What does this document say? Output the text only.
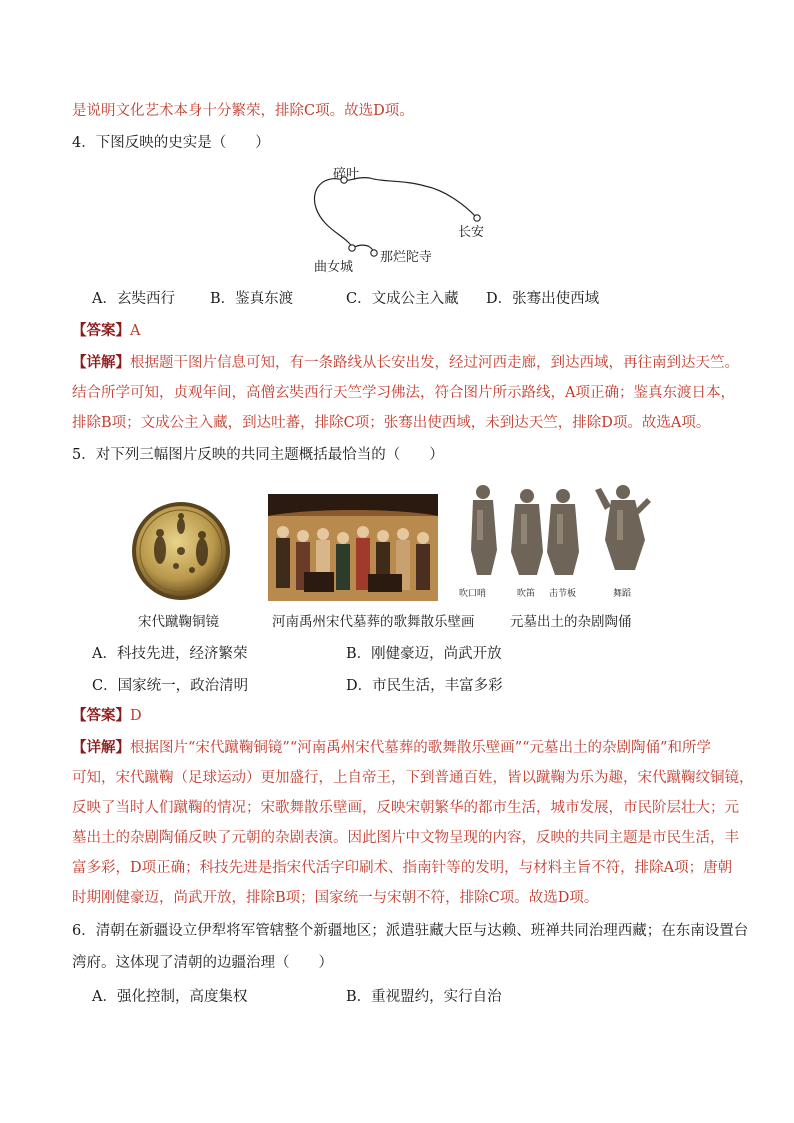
是说明文化艺术本身十分繁荣，排除C项。故选D项。
4．下图反映的史实是（　　）
碎叶
长安
曲女城
那烂陀寺
A．玄奘西行 B．鉴真东渡	C．文成公主入藏 D．张骞出使西域
【答案】A
【详解】根据题干图片信息可知，有一条路线从长安出发，经过河西走廊，到达西域，再往南到达天竺。
结合所学可知，贞观年间，高僧玄奘西行天竺学习佛法，符合图片所示路线，A项正确；鉴真东渡日本，
排除B项；文成公主入藏，到达吐蕃，排除C项；张骞出使西域，未到达天竺，排除D项。故选A项。
5．对下列三幅图片反映的共同主题概括最恰当的（　　）
吹口哨	吹笛 击节板	舞蹈
宋代蹴鞠铜镜	河南禹州宋代墓葬的歌舞散乐壁画	元墓出土的杂剧陶俑
A．科技先进，经济繁荣	B．刚健豪迈，尚武开放
C．国家统一，政治清明	D．市民生活，丰富多彩
【答案】D
【详解】根据图片“宋代蹴鞠铜镜”“河南禹州宋代墓葬的歌舞散乐壁画”“元墓出土的杂剧陶俑”和所学
可知，宋代蹴鞠（足球运动）更加盛行，上自帝王，下到普通百姓，皆以蹴鞠为乐为趣，宋代蹴鞠纹铜镜，
反映了当时人们蹴鞠的情况；宋歌舞散乐壁画，反映宋朝繁华的都市生活，城市发展，市民阶层壮大；元
墓出土的杂剧陶俑反映了元朝的杂剧表演。因此图片中文物呈现的内容，反映的共同主题是市民生活，丰
富多彩，D项正确；科技先进是指宋代活字印刷术、指南针等的发明，与材料主旨不符，排除A项；唐朝
时期刚健豪迈，尚武开放，排除B项；国家统一与宋朝不符，排除C项。故选D项。
6．清朝在新疆设立伊犁将军管辖整个新疆地区；派遣驻藏大臣与达赖、班禅共同治理西藏；在东南设置台
湾府。这体现了清朝的边疆治理（　　）
A．强化控制，高度集权	B．重视盟约，实行自治
